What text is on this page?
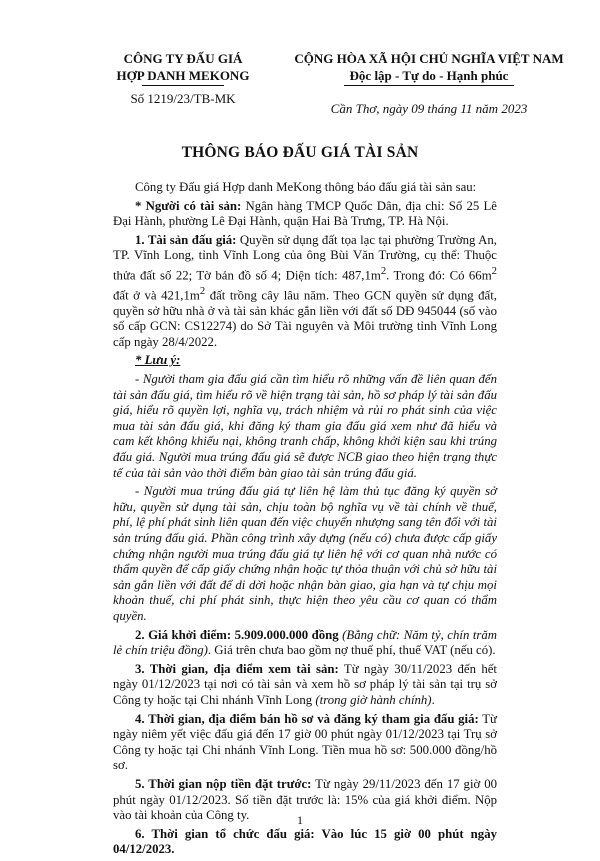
CÔNG TY ĐẤU GIÁ
HỢP DANH MEKONG
Số 1219/23/TB-MK
CỘNG HÒA XÃ HỘI CHỦ NGHĨA VIỆT NAM
Độc lập - Tự do - Hạnh phúc
Cần Thơ, ngày 09 tháng 11 năm 2023
THÔNG BÁO ĐẤU GIÁ TÀI SẢN

Công ty Đấu giá Hợp danh MeKong thông báo đấu giá tài sản sau:

* Người có tài sản: Ngân hàng TMCP Quốc Dân, địa chỉ: Số 25 Lê Đại Hành, phường Lê Đại Hành, quận Hai Bà Trưng, TP. Hà Nội.

1. Tài sản đấu giá: Quyền sử dụng đất tọa lạc tại phường Trường An, TP. Vĩnh Long, tỉnh Vĩnh Long của ông Bùi Văn Trường, cụ thể: Thuộc thửa đất số 22; Tờ bản đồ số 4; Diện tích: $487,1m^2$. Trong đó: Có $66m^2$ đất ở và $421,1m^2$ đất trồng cây lâu năm. Theo GCN quyền sử dụng đất, quyền sở hữu nhà ở và tài sản khác gắn liền với đất số DĐ 945044 (số vào sổ cấp GCN: CS12274) do Sở Tài nguyên và Môi trường tỉnh Vĩnh Long cấp ngày 28/4/2022.

* Lưu ý:

- Người tham gia đấu giá cần tìm hiểu rõ những vấn đề liên quan đến tài sản đấu giá, tìm hiểu rõ về hiện trạng tài sản, hồ sơ pháp lý tài sản đấu giá, hiểu rõ quyền lợi, nghĩa vụ, trách nhiệm và rủi ro phát sinh của việc mua tài sản đấu giá, khi đăng ký tham gia đấu giá xem như đã hiểu và cam kết không khiếu nại, không tranh chấp, không khởi kiện sau khi trúng đấu giá. Người mua trúng đấu giá sẽ được NCB giao theo hiện trạng thực tế của tài sản vào thời điểm bàn giao tài sản trúng đấu giá.

- Người mua trúng đấu giá tự liên hệ làm thủ tục đăng ký quyền sở hữu, quyền sử dụng tài sản, chịu toàn bộ nghĩa vụ về tài chính về thuế, phí, lệ phí phát sinh liên quan đến việc chuyển nhượng sang tên đối với tài sản trúng đấu giá. Phần công trình xây dựng (nếu có) chưa được cấp giấy chứng nhận người mua trúng đấu giá tự liên hệ với cơ quan nhà nước có thẩm quyền để cấp giấy chứng nhận hoặc tự thỏa thuận với chủ sở hữu tài sản gắn liền với đất để di dời hoặc nhận bàn giao, gia hạn và tự chịu mọi khoản thuế, chi phí phát sinh, thực hiện theo yêu cầu cơ quan có thẩm quyền.

2. Giá khởi điểm: 5.909.000.000 đồng (Bằng chữ: Năm tỷ, chín trăm lẻ chín triệu đồng). Giá trên chưa bao gồm nợ thuế phí, thuế VAT (nếu có).

3. Thời gian, địa điểm xem tài sản: Từ ngày 30/11/2023 đến hết ngày 01/12/2023 tại nơi có tài sản và xem hồ sơ pháp lý tài sản tại trụ sở Công ty hoặc tại Chi nhánh Vĩnh Long (trong giờ hành chính).

4. Thời gian, địa điểm bán hồ sơ và đăng ký tham gia đấu giá: Từ ngày niêm yết việc đấu giá đến 17 giờ 00 phút ngày 01/12/2023 tại Trụ sở Công ty hoặc tại Chi nhánh Vĩnh Long. Tiền mua hồ sơ: 500.000 đồng/hồ sơ.

5. Thời gian nộp tiền đặt trước: Từ ngày 29/11/2023 đến 17 giờ 00 phút ngày 01/12/2023. Số tiền đặt trước là: 15% của giá khởi điểm. Nộp vào tài khoản của Công ty.

6. Thời gian tổ chức đấu giá: Vào lúc 15 giờ 00 phút ngày 04/12/2023.

1
